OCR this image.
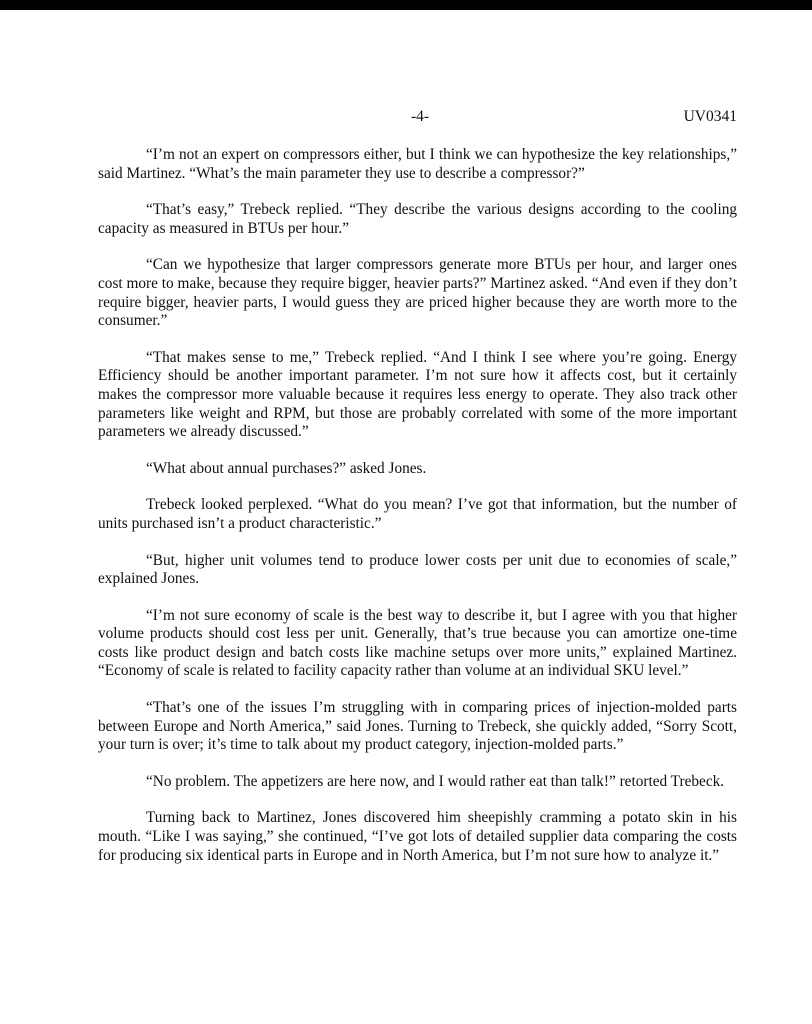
-4-	UV0341

“I’m not an expert on compressors either, but I think we can hypothesize the key relationships,” said Martinez. “What’s the main parameter they use to describe a compressor?”

“That’s easy,” Trebeck replied. “They describe the various designs according to the cooling capacity as measured in BTUs per hour.”

“Can we hypothesize that larger compressors generate more BTUs per hour, and larger ones cost more to make, because they require bigger, heavier parts?” Martinez asked. “And even if they don’t require bigger, heavier parts, I would guess they are priced higher because they are worth more to the consumer.”

“That makes sense to me,” Trebeck replied. “And I think I see where you’re going. Energy Efficiency should be another important parameter. I’m not sure how it affects cost, but it certainly makes the compressor more valuable because it requires less energy to operate. They also track other parameters like weight and RPM, but those are probably correlated with some of the more important parameters we already discussed.”

“What about annual purchases?” asked Jones.

Trebeck looked perplexed. “What do you mean? I’ve got that information, but the number of units purchased isn’t a product characteristic.”

“But, higher unit volumes tend to produce lower costs per unit due to economies of scale,” explained Jones.

“I’m not sure economy of scale is the best way to describe it, but I agree with you that higher volume products should cost less per unit. Generally, that’s true because you can amortize one-time costs like product design and batch costs like machine setups over more units,” explained Martinez. “Economy of scale is related to facility capacity rather than volume at an individual SKU level.”

“That’s one of the issues I’m struggling with in comparing prices of injection-molded parts between Europe and North America,” said Jones. Turning to Trebeck, she quickly added, “Sorry Scott, your turn is over; it’s time to talk about my product category, injection-molded parts.”

“No problem. The appetizers are here now, and I would rather eat than talk!” retorted Trebeck.

Turning back to Martinez, Jones discovered him sheepishly cramming a potato skin in his mouth. “Like I was saying,” she continued, “I’ve got lots of detailed supplier data comparing the costs for producing six identical parts in Europe and in North America, but I’m not sure how to analyze it.”
